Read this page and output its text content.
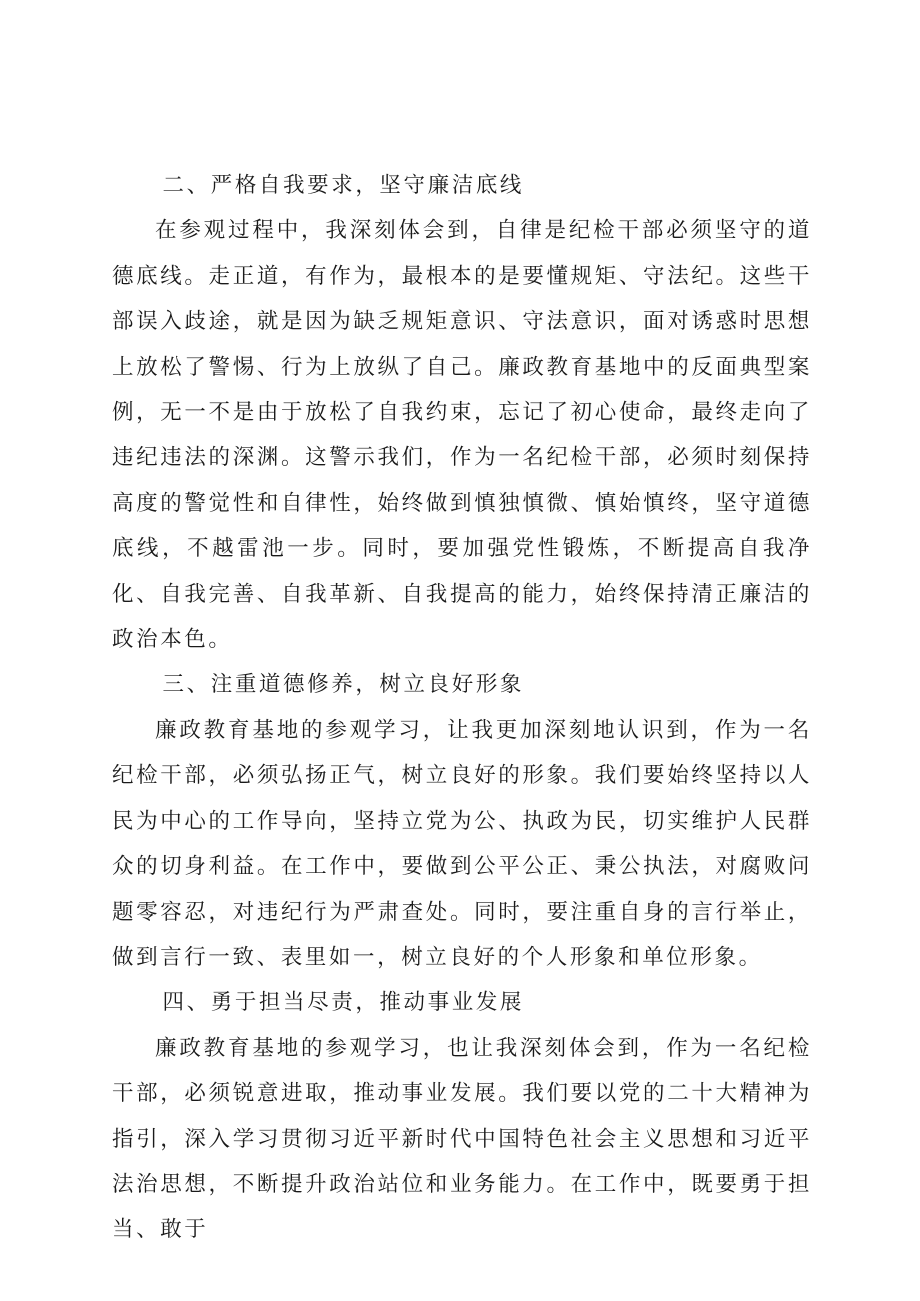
二、严格自我要求，坚守廉洁底线

在参观过程中，我深刻体会到，自律是纪检干部必须坚守的道德底线。走正道，有作为，最根本的是要懂规矩、守法纪。这些干部误入歧途，就是因为缺乏规矩意识、守法意识，面对诱惑时思想上放松了警惕、行为上放纵了自己。廉政教育基地中的反面典型案例，无一不是由于放松了自我约束，忘记了初心使命，最终走向了违纪违法的深渊。这警示我们，作为一名纪检干部，必须时刻保持高度的警觉性和自律性，始终做到慎独慎微、慎始慎终，坚守道德底线，不越雷池一步。同时，要加强党性锻炼，不断提高自我净化、自我完善、自我革新、自我提高的能力，始终保持清正廉洁的政治本色。

三、注重道德修养，树立良好形象

廉政教育基地的参观学习，让我更加深刻地认识到，作为一名纪检干部，必须弘扬正气，树立良好的形象。我们要始终坚持以人民为中心的工作导向，坚持立党为公、执政为民，切实维护人民群众的切身利益。在工作中，要做到公平公正、秉公执法，对腐败问题零容忍，对违纪行为严肃查处。同时，要注重自身的言行举止，做到言行一致、表里如一，树立良好的个人形象和单位形象。

四、勇于担当尽责，推动事业发展

廉政教育基地的参观学习，也让我深刻体会到，作为一名纪检干部，必须锐意进取，推动事业发展。我们要以党的二十大精神为指引，深入学习贯彻习近平新时代中国特色社会主义思想和习近平法治思想，不断提升政治站位和业务能力。在工作中，既要勇于担当、敢于
